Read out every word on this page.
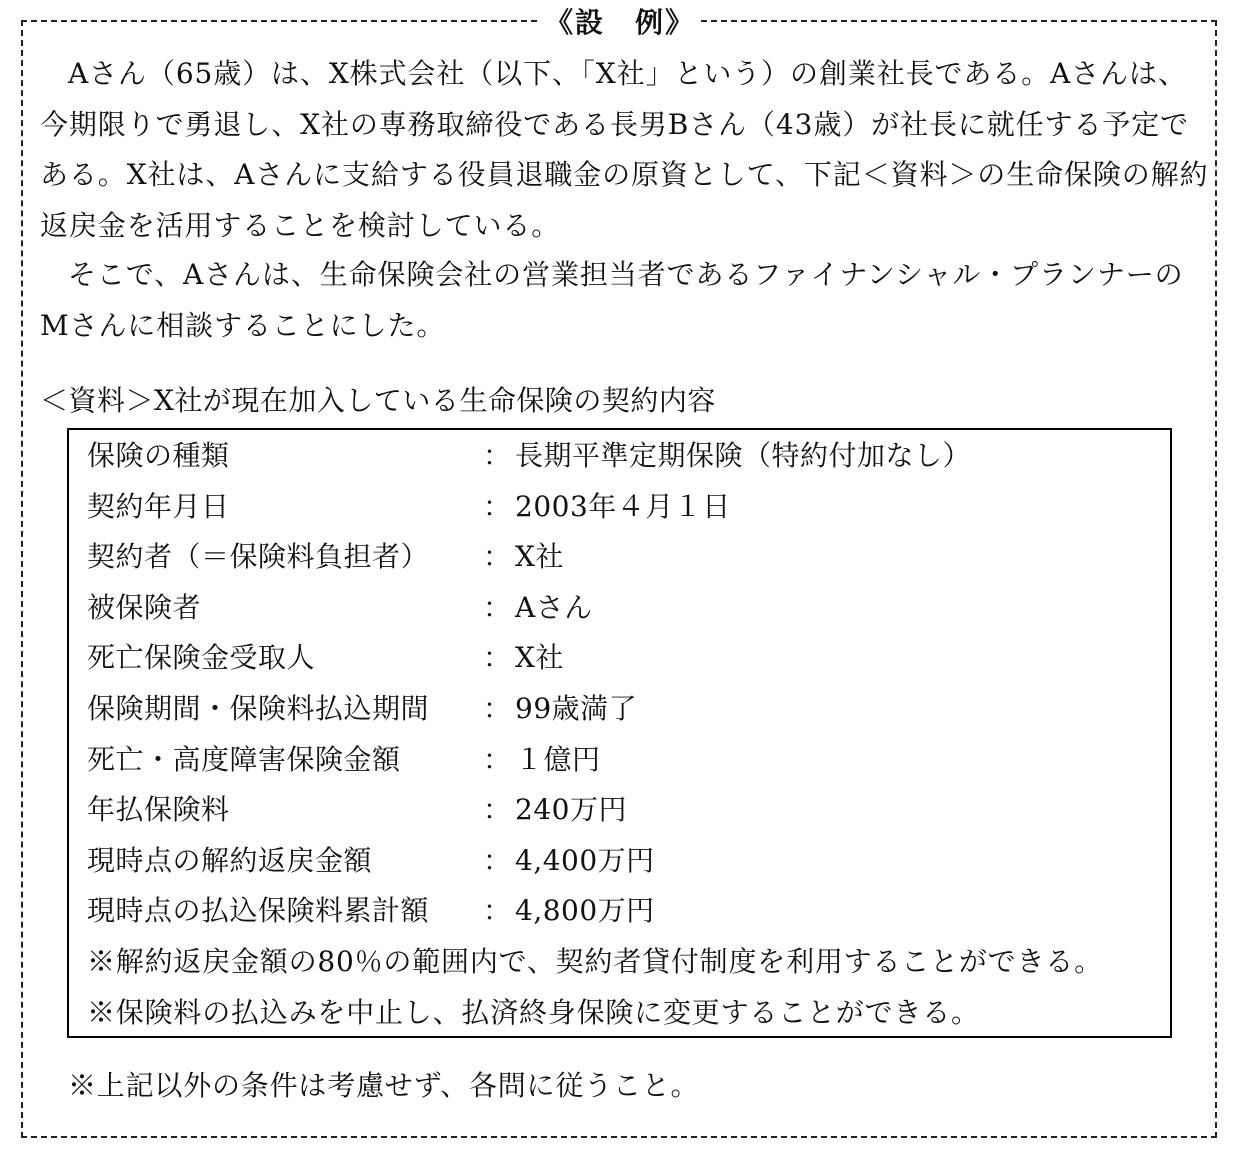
《設　例》

Aさん（65歳）は、X株式会社（以下、「X社」という）の創業社長である。Aさんは、今期限りで勇退し、X社の専務取締役である長男Bさん（43歳）が社長に就任する予定である。X社は、Aさんに支給する役員退職金の原資として、下記＜資料＞の生命保険の解約返戻金を活用することを検討している。

そこで、Aさんは、生命保険会社の営業担当者であるファイナンシャル・プランナーのMさんに相談することにした。

＜資料＞X社が現在加入している生命保険の契約内容
保険の種類	： 長期平準定期保険（特約付加なし）
契約年月日	： 2003年４月１日
契約者（＝保険料負担者） ： X社
被保険者	： Aさん
死亡保険金受取人	： X社
保険期間・保険料払込期間 ： 99歳満了
死亡・高度障害保険金額	： １億円
年払保険料	： 240万円
現時点の解約返戻金額	： 4,400万円
現時点の払込保険料累計額 ： 4,800万円
※解約返戻金額の80％の範囲内で、契約者貸付制度を利用することができる。
※保険料の払込みを中止し、払済終身保険に変更することができる。
※上記以外の条件は考慮せず、各問に従うこと。
